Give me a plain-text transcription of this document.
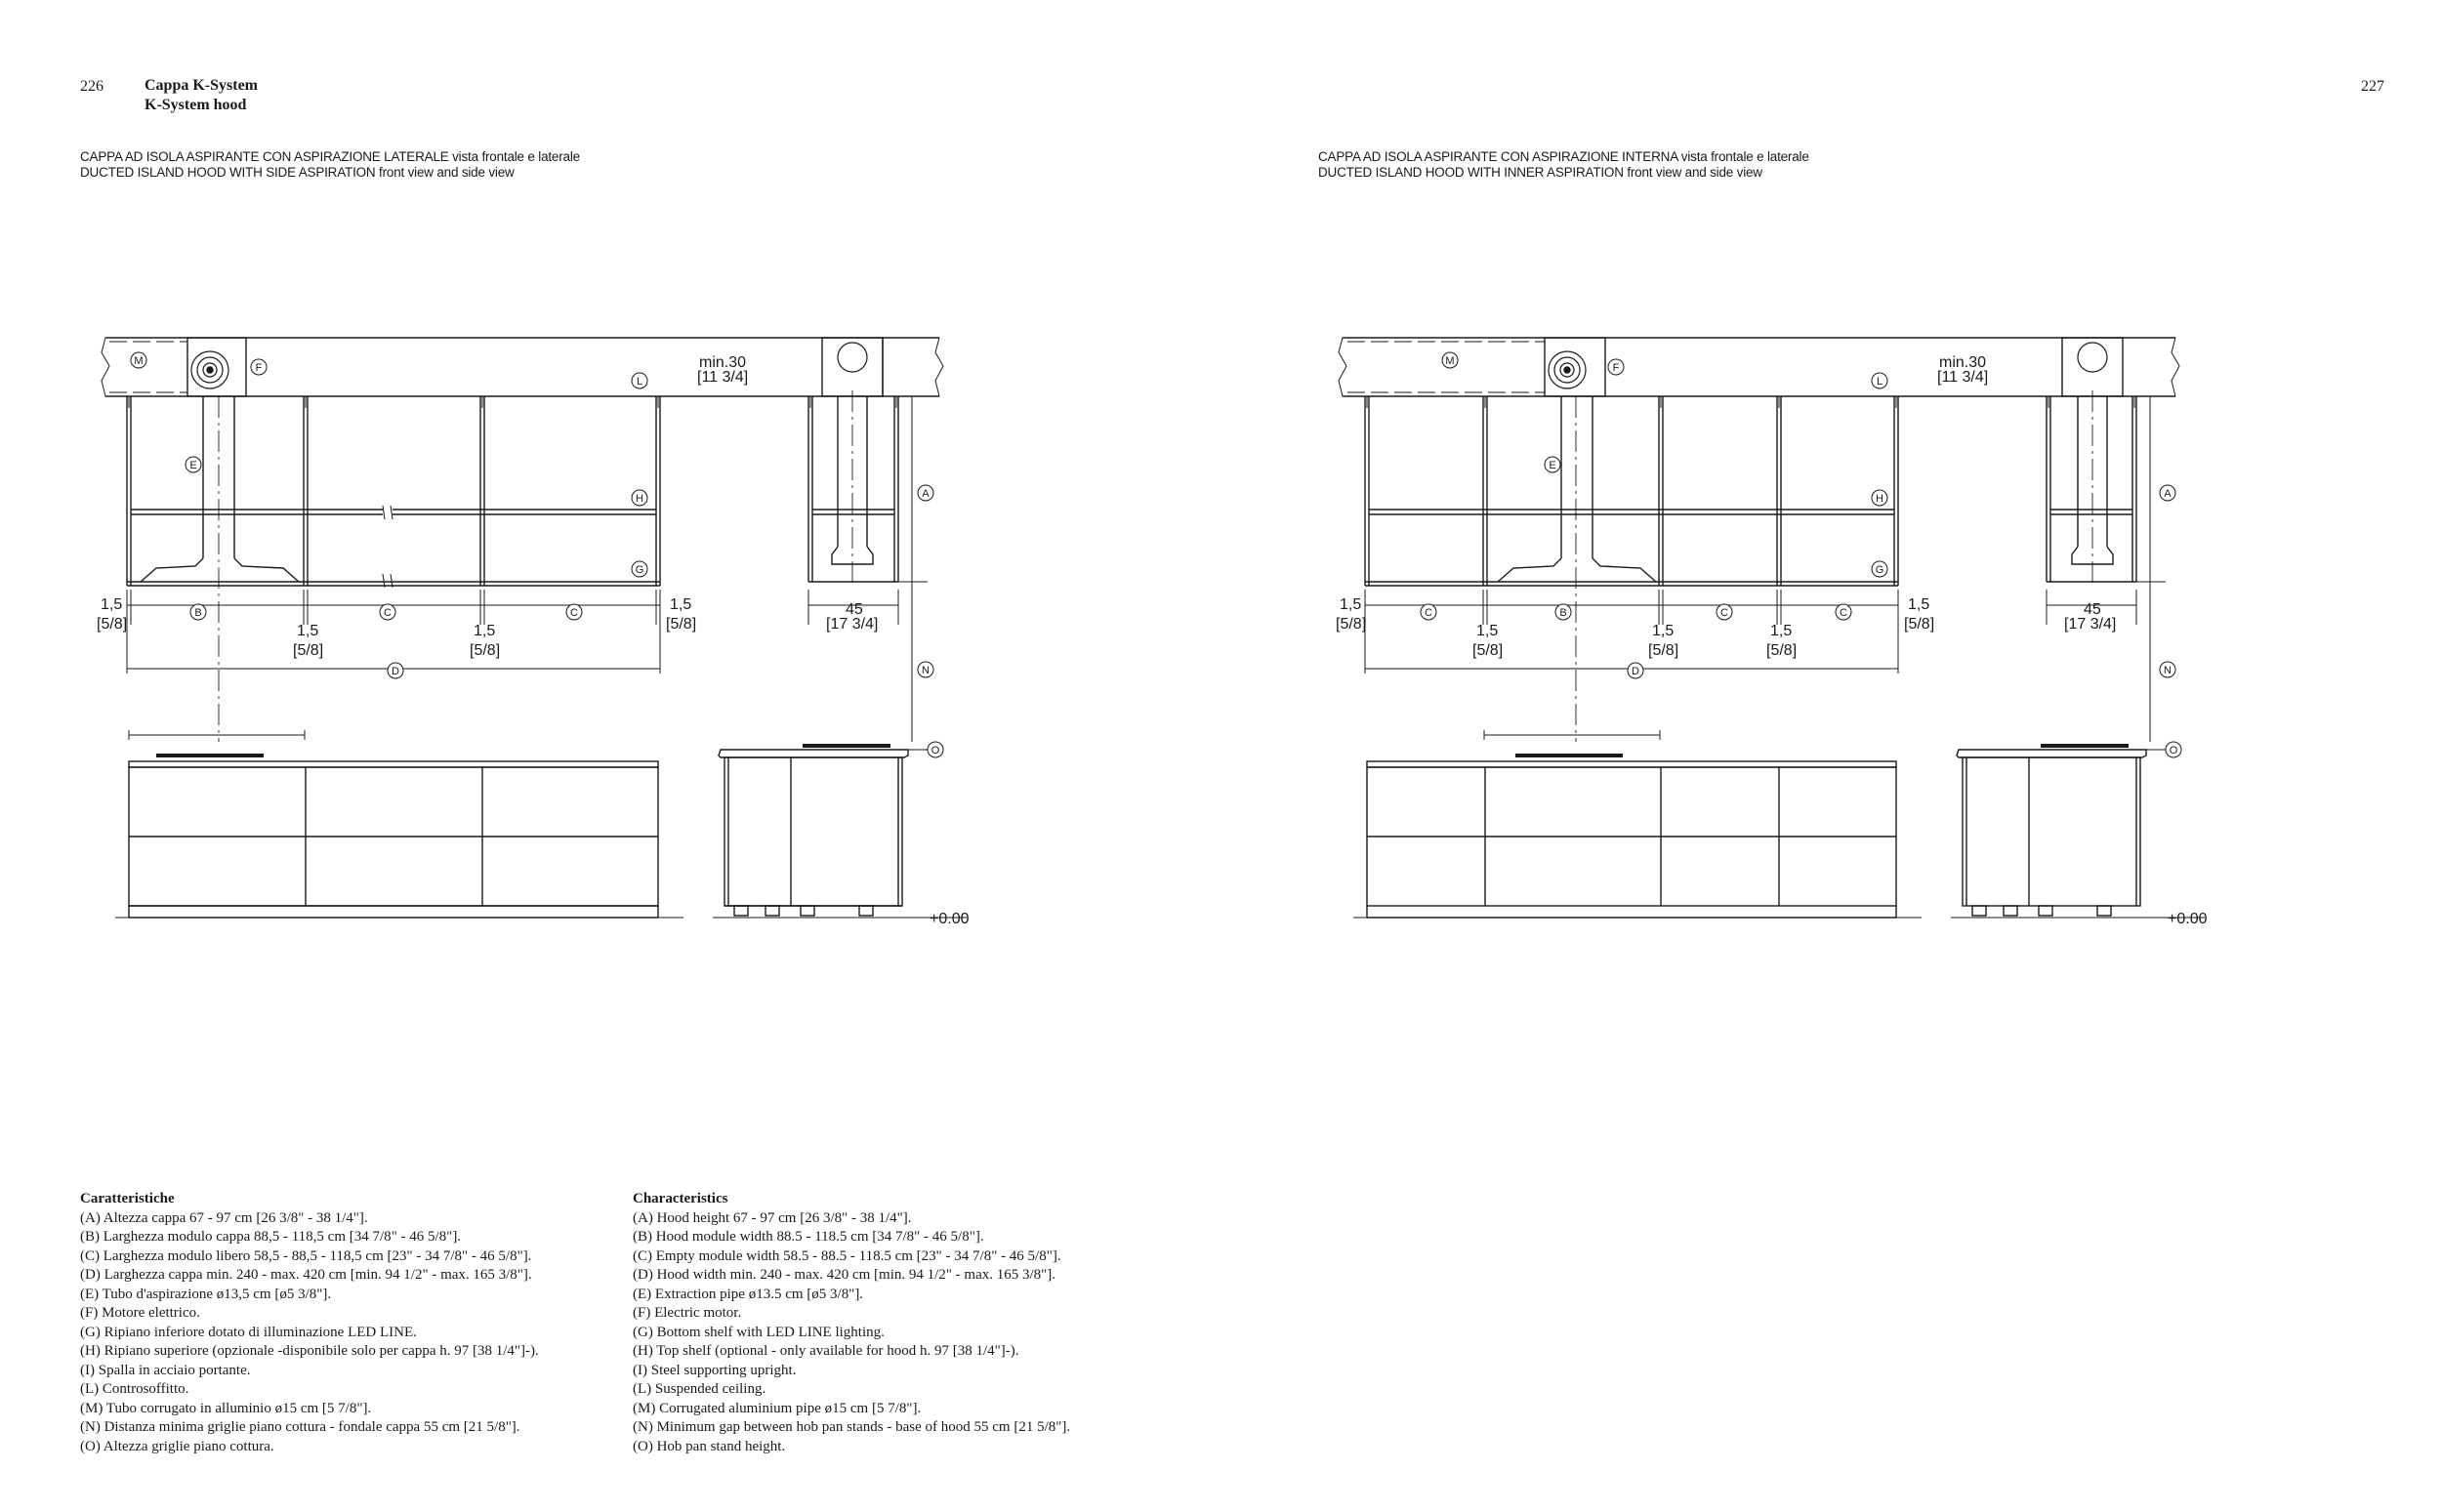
226	227
Cappa K-System
K-System hood
CAPPA AD ISOLA ASPIRANTE CON ASPIRAZIONE LATERALE vista frontale e laterale
DUCTED ISLAND HOOD WITH SIDE ASPIRATION front view and side view
CAPPA AD ISOLA ASPIRANTE CON ASPIRAZIONE INTERNA vista frontale e laterale
DUCTED ISLAND HOOD WITH INNER ASPIRATION front view and side view
M
F
L
E
H
G
B	C	C
D
A
N
O
M
F
L
E
H
G
C	B	C	C
D
A
N
O
min.30
[11 3/4]
1,5
[5/8]	1,5
[5/8]
1,5
[5/8]
1,5
[5/8]
45
[17 3/4]
+0.00
min.30
[11 3/4]
1,5
[5/8]	1,5
[5/8]
1,5
[5/8]
1,5
[5/8]
1,5
[5/8]
45
[17 3/4]
+0.00
Caratteristiche
(A) Altezza cappa 67 - 97 cm [26 3/8" - 38 1/4"].
(B) Larghezza modulo cappa 88,5 - 118,5 cm [34 7/8" - 46 5/8"].
(C) Larghezza modulo libero 58,5 - 88,5 - 118,5 cm [23" - 34 7/8" - 46 5/8"].
(D) Larghezza cappa min. 240 - max. 420 cm [min. 94 1/2" - max. 165 3/8"].
(E) Tubo d'aspirazione ø13,5 cm [ø5 3/8"].
(F) Motore elettrico.
(G) Ripiano inferiore dotato di illuminazione LED LINE.
(H) Ripiano superiore (opzionale -disponibile solo per cappa h. 97 [38 1/4"]-).
(I) Spalla in acciaio portante.
(L) Controsoffitto.
(M) Tubo corrugato in alluminio ø15 cm [5 7/8"].
(N) Distanza minima griglie piano cottura - fondale cappa 55 cm [21 5/8"].
(O) Altezza griglie piano cottura.
Characteristics
(A) Hood height 67 - 97 cm [26 3/8" - 38 1/4"].
(B) Hood module width 88.5 - 118.5 cm [34 7/8" - 46 5/8"].
(C) Empty module width 58.5 - 88.5 - 118.5 cm [23" - 34 7/8" - 46 5/8"].
(D) Hood width min. 240 - max. 420 cm [min. 94 1/2" - max. 165 3/8"].
(E) Extraction pipe ø13.5 cm [ø5 3/8"].
(F) Electric motor.
(G) Bottom shelf with LED LINE lighting.
(H) Top shelf (optional - only available for hood h. 97 [38 1/4"]-).
(I) Steel supporting upright.
(L) Suspended ceiling.
(M) Corrugated aluminium pipe ø15 cm [5 7/8"].
(N) Minimum gap between hob pan stands - base of hood 55 cm [21 5/8"].
(O) Hob pan stand height.
